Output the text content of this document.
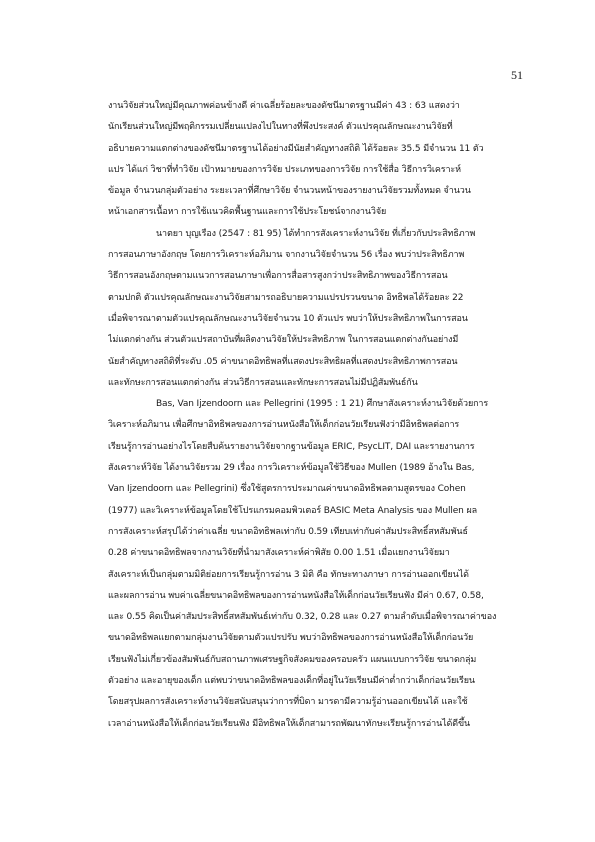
51
งานวิจัยส่วนใหญ่มีคุณภาพค่อนข้างดี ค่าเฉลี่ยร้อยละของดัชนีมาตรฐานมีค่า 43 : 63 แสดงว่า
นักเรียนส่วนใหญ่มีพฤติกรรมเปลี่ยนแปลงไปในทางที่พึงประสงค์ ตัวแปรคุณลักษณะงานวิจัยที่
อธิบายความแตกต่างของดัชนีมาตรฐานได้อย่างมีนัยสำคัญทางสถิติ ได้ร้อยละ 35.5 มีจำนวน 11 ตัว
แปร ได้แก่ วิชาที่ทำวิจัย เป้าหมายของการวิจัย ประเภทของการวิจัย การใช้สื่อ วิธีการวิเคราะห์
ข้อมูล จำนวนกลุ่มตัวอย่าง ระยะเวลาที่ศึกษาวิจัย จำนวนหน้าของรายงานวิจัยรวมทั้งหมด จำนวน
หน้าเอกสารเนื้อหา การใช้แนวคิดพื้นฐานและการใช้ประโยชน์จากงานวิจัย
นาตยา บุญเรือง (2547 : 81 95) ได้ทำการสังเคราะห์งานวิจัย ที่เกี่ยวกับประสิทธิภาพ
การสอนภาษาอังกฤษ โดยการวิเคราะห์อภิมาน จากงานวิจัยจำนวน 56 เรื่อง พบว่าประสิทธิภาพ
วิธีการสอนอังกฤษตามแนวการสอนภาษาเพื่อการสื่อสารสูงกว่าประสิทธิภาพของวิธีการสอน
ตามปกติ ตัวแปรคุณลักษณะงานวิจัยสามารถอธิบายความแปรปรวนขนาด อิทธิพลได้ร้อยละ 22
เมื่อพิจารณาตามตัวแปรคุณลักษณะงานวิจัยจำนวน 10 ตัวแปร พบว่าให้ประสิทธิภาพในการสอน
ไม่แตกต่างกัน ส่วนตัวแปรสถาบันที่ผลิตงานวิจัยให้ประสิทธิภาพ ในการสอนแตกต่างกันอย่างมี
นัยสำคัญทางสถิติที่ระดับ .05 ค่าขนาดอิทธิพลที่แสดงประสิทธิผลที่แสดงประสิทธิภาพการสอน
และทักษะการสอนแตกต่างกัน ส่วนวิธีการสอนและทักษะการสอนไม่มีปฏิสัมพันธ์กัน
Bas, Van Ijzendoorn และ Pellegrini (1995 : 1 21) ศึกษาสังเคราะห์งานวิจัยด้วยการ
วิเคราะห์อภิมาน เพื่อศึกษาอิทธิพลของการอ่านหนังสือให้เด็กก่อนวัยเรียนฟังว่ามีอิทธิพลต่อการ
เรียนรู้การอ่านอย่างไรโดยสืบค้นรายงานวิจัยจากฐานข้อมูล ERIC, PsycLIT, DAI และรายงานการ
สังเคราะห์วิจัย ได้งานวิจัยรวม 29 เรื่อง การวิเคราะห์ข้อมูลใช้วิธีของ Mullen (1989 อ้างใน Bas,
Van Ijzendoorn และ Pellegrini) ซึ่งใช้สูตรการประมาณค่าขนาดอิทธิพลตามสูตรของ Cohen
(1977) และวิเคราะห์ข้อมูลโดยใช้โปรแกรมคอมพิวเตอร์ BASIC Meta Analysis ของ Mullen ผล
การสังเคราะห์สรุปได้ว่าค่าเฉลี่ย ขนาดอิทธิพลเท่ากับ 0.59 เทียบเท่ากับค่าสัมประสิทธิ์สหสัมพันธ์
0.28 ค่าขนาดอิทธิพลจากงานวิจัยที่นำมาสังเคราะห์ค่าพิสัย 0.00 1.51 เมื่อแยกงานวิจัยมา
สังเคราะห์เป็นกลุ่มตามมิติย่อยการเรียนรู้การอ่าน 3 มิติ คือ ทักษะทางภาษา การอ่านออกเขียนได้
และผลการอ่าน พบค่าเฉลี่ยขนาดอิทธิพลของการอ่านหนังสือให้เด็กก่อนวัยเรียนฟัง มีค่า 0.67, 0.58,
และ 0.55 คิดเป็นค่าสัมประสิทธิ์สหสัมพันธ์เท่ากับ 0.32, 0.28 และ 0.27 ตามลำดับเมื่อพิจารณาค่าของ
ขนาดอิทธิพลแยกตามกลุ่มงานวิจัยตามตัวแปรปรับ พบว่าอิทธิพลของการอ่านหนังสือให้เด็กก่อนวัย
เรียนฟังไม่เกี่ยวข้องสัมพันธ์กับสถานภาพเศรษฐกิจสังคมของครอบครัว แผนแบบการวิจัย ขนาดกลุ่ม
ตัวอย่าง และอายุของเด็ก แต่พบว่าขนาดอิทธิพลของเด็กที่อยู่ในวัยเรียนมีค่าต่ำกว่าเด็กก่อนวัยเรียน
โดยสรุปผลการสังเคราะห์งานวิจัยสนับสนุนว่าการที่บิดา มารดามีความรู้อ่านออกเขียนได้ และใช้
เวลาอ่านหนังสือให้เด็กก่อนวัยเรียนฟัง มีอิทธิพลให้เด็กสามารถพัฒนาทักษะเรียนรู้การอ่านได้ดีขึ้น
